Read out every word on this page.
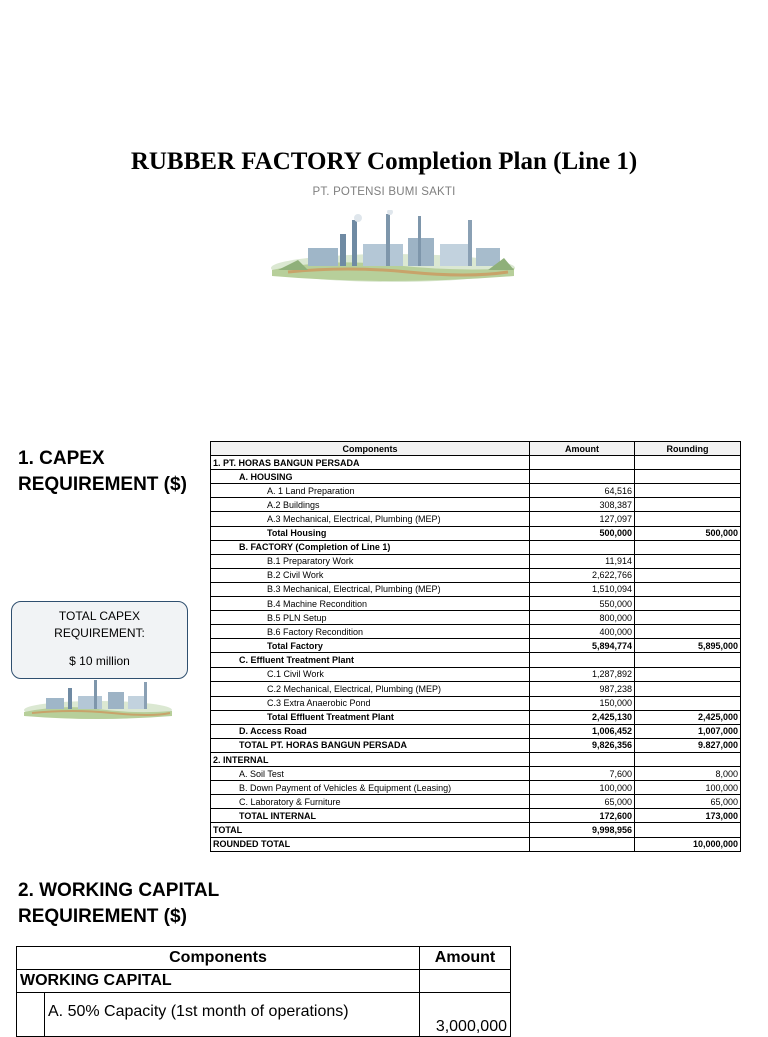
RUBBER FACTORY Completion Plan (Line 1)
PT. POTENSI BUMI SAKTI
1. CAPEX REQUIREMENT ($)
TOTAL CAPEX REQUIREMENT:
$ 10 million
Components	Amount	Rounding
1. PT. HORAS BANGUN PERSADA		
A. HOUSING		
A. 1 Land Preparation	64,516	
A.2 Buildings	308,387	
A.3 Mechanical, Electrical, Plumbing (MEP)	127,097	
Total Housing	500,000	500,000
B. FACTORY (Completion of Line 1)		
B.1 Preparatory Work	11,914	
B.2 Civil Work	2,622,766	
B.3 Mechanical, Electrical, Plumbing (MEP)	1,510,094	
B.4 Machine Recondition	550,000	
B.5 PLN Setup	800,000	
B.6 Factory Recondition	400,000	
Total Factory	5,894,774	5,895,000
C. Effluent Treatment Plant		
C.1 Civil Work	1,287,892	
C.2 Mechanical, Electrical, Plumbing (MEP)	987,238	
C.3 Extra Anaerobic Pond	150,000	
Total Effluent Treatment Plant	2,425,130	2,425,000
D. Access Road	1,006,452	1,007,000
TOTAL PT. HORAS BANGUN PERSADA	9,826,356	9.827,000
2. INTERNAL		
A. Soil Test	7,600	8,000
B. Down Payment of Vehicles & Equipment (Leasing)	100,000	100,000
C. Laboratory & Furniture	65,000	65,000
TOTAL INTERNAL	172,600	173,000
TOTAL	9,998,956	
ROUNDED TOTAL		10,000,000
2. WORKING CAPITAL REQUIREMENT ($)
Components		Amount
WORKING CAPITAL		
	A. 50% Capacity (1st month of operations)	3,000,000
